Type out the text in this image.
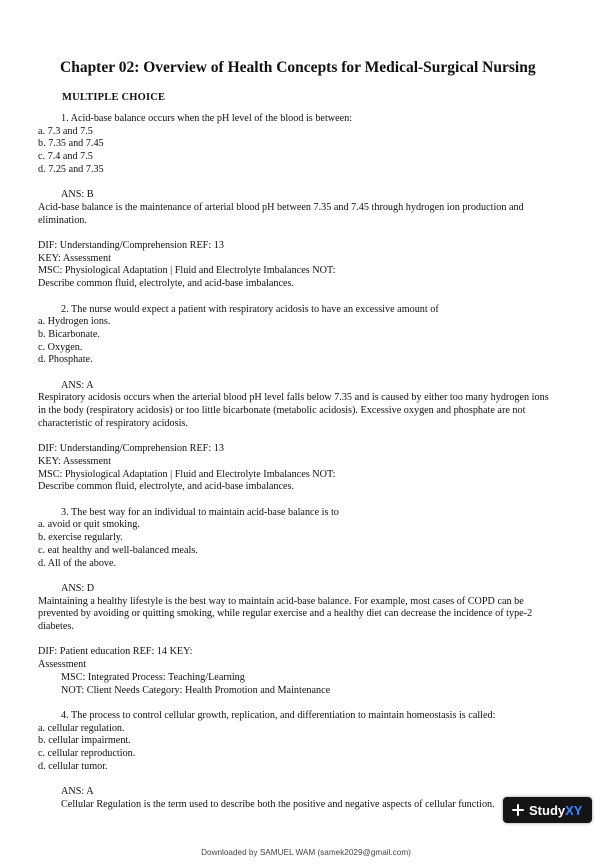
Chapter 02: Overview of Health Concepts for Medical-Surgical Nursing
MULTIPLE CHOICE
1. Acid-base balance occurs when the pH level of the blood is between:
a. 7.3 and 7.5
b. 7.35 and 7.45
c. 7.4 and 7.5
d. 7.25 and 7.35
ANS: B
Acid-base balance is the maintenance of arterial blood pH between 7.35 and 7.45 through hydrogen ion production and elimination.
DIF: Understanding/Comprehension REF: 13
KEY: Assessment
MSC: Physiological Adaptation | Fluid and Electrolyte Imbalances NOT:
Describe common fluid, electrolyte, and acid-base imbalances.
2. The nurse would expect a patient with respiratory acidosis to have an excessive amount of
a. Hydrogen ions.
b. Bicarbonate.
c. Oxygen.
d. Phosphate.
ANS: A
Respiratory acidosis occurs when the arterial blood pH level falls below 7.35 and is caused by either too many hydrogen ions in the body (respiratory acidosis) or too little bicarbonate (metabolic acidosis). Excessive oxygen and phosphate are not characteristic of respiratory acidosis.
DIF: Understanding/Comprehension REF: 13
KEY: Assessment
MSC: Physiological Adaptation | Fluid and Electrolyte Imbalances NOT:
Describe common fluid, electrolyte, and acid-base imbalances.
3. The best way for an individual to maintain acid-base balance is to
a. avoid or quit smoking.
b. exercise regularly.
c. eat healthy and well-balanced meals.
d. All of the above.
ANS: D
Maintaining a healthy lifestyle is the best way to maintain acid-base balance. For example, most cases of COPD can be prevented by avoiding or quitting smoking, while regular exercise and a healthy diet can decrease the incidence of type-2 diabetes.
DIF: Patient education REF: 14 KEY:
Assessment
MSC: Integrated Process: Teaching/Learning
NOT: Client Needs Category: Health Promotion and Maintenance
4. The process to control cellular growth, replication, and differentiation to maintain homeostasis is called:
a. cellular regulation.
b. cellular impairment.
c. cellular reproduction.
d. cellular tumor.
ANS: A
Cellular Regulation is the term used to describe both the positive and negative aspects of cellular function.	StudyXY
Downloaded by SAMUEL WAM (samek2029@gmail.com)
